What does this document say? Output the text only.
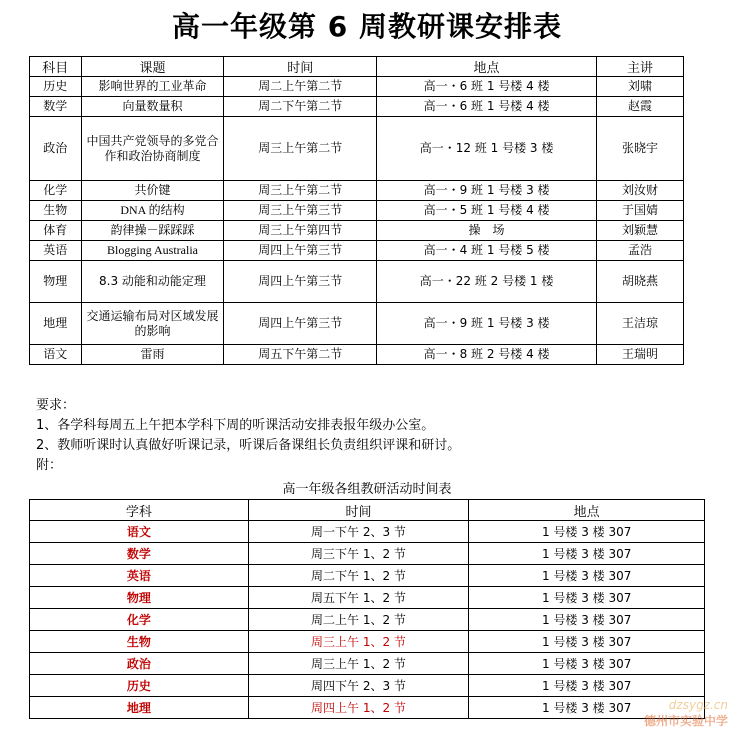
高一年级第 6 周教研课安排表
科目	课题	时间	地点	主讲
历史	影响世界的工业革命	周二上午第二节	高一・6 班 1 号楼 4 楼	刘啸
数学	向量数量积	周二下午第二节	高一・6 班 1 号楼 4 楼	赵霞
政治	中国共产党领导的多党合作和政治协商制度	周三上午第二节	高一・12 班 1 号楼 3 楼	张晓宇
化学	共价键	周三上午第二节	高一・9 班 1 号楼 3 楼	刘汝财
生物	DNA 的结构	周三上午第三节	高一・5 班 1 号楼 4 楼	于国婧
体育	韵律操－踩踩踩	周三上午第四节	操　场	刘颖慧
英语	Blogging Australia	周四上午第三节	高一・4 班 1 号楼 5 楼	孟浩
物理	8.3 动能和动能定理	周四上午第三节	高一・22 班 2 号楼 1 楼	胡晓燕
地理	交通运输布局对区域发展的影响	周四上午第三节	高一・9 班 1 号楼 3 楼	王洁琼
语文	雷雨	周五下午第二节	高一・8 班 2 号楼 4 楼	王瑞明
要求：
1、各学科每周五上午把本学科下周的听课活动安排表报年级办公室。
2、教师听课时认真做好听课记录，听课后备课组长负责组织评课和研讨。
附：
高一年级各组教研活动时间表
学科	时间	地点
语文	周一下午 2、3 节	1 号楼 3 楼 307
数学	周三下午 1、2 节	1 号楼 3 楼 307
英语	周二下午 1、2 节	1 号楼 3 楼 307
物理	周五下午 1、2 节	1 号楼 3 楼 307
化学	周二上午 1、2 节	1 号楼 3 楼 307
生物	周三上午 1、2 节	1 号楼 3 楼 307
政治	周三上午 1、2 节	1 号楼 3 楼 307
历史	周四下午 2、3 节	1 号楼 3 楼 307
地理	周四上午 1、2 节	1 号楼 3 楼 307	dzsygz.cn
德州市实验中学
